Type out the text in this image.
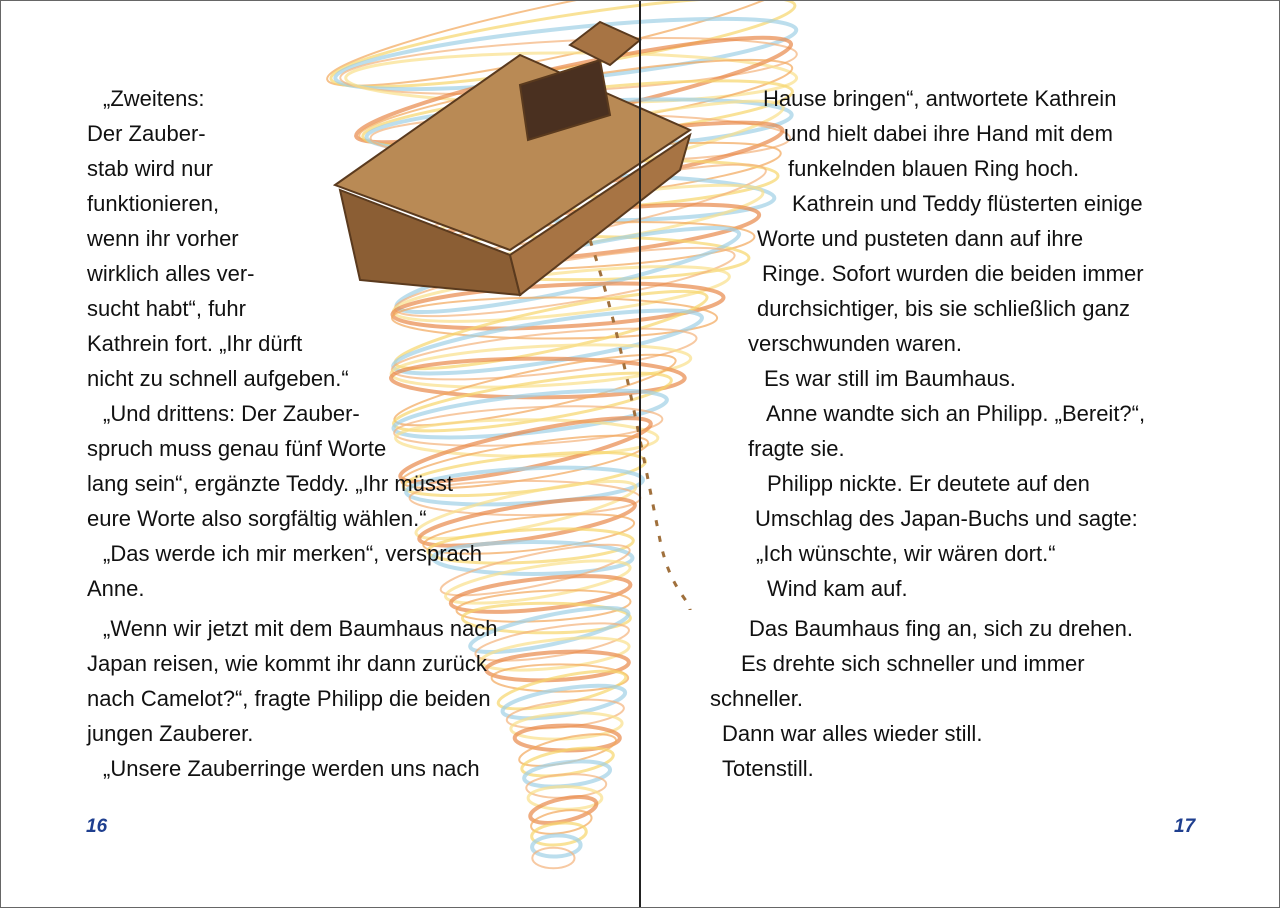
„Zweitens:
Der Zauber-
stab wird nur
funktionieren,
wenn ihr vorher
wirklich alles ver-
sucht habt“, fuhr
Kathrein fort. „Ihr dürft
nicht zu schnell aufgeben.“
„Und drittens: Der Zauber-
spruch muss genau fünf Worte
lang sein“, ergänzte Teddy. „Ihr müsst
eure Worte also sorgfältig wählen.“
„Das werde ich mir merken“, versprach
Anne.
„Wenn wir jetzt mit dem Baumhaus nach
Japan reisen, wie kommt ihr dann zurück
nach Camelot?“, fragte Philipp die beiden
jungen Zauberer.
„Unsere Zauberringe werden uns nach
Hause bringen“, antwortete Kathrein
und hielt dabei ihre Hand mit dem
funkelnden blauen Ring hoch.
Kathrein und Teddy flüsterten einige
Worte und pusteten dann auf ihre
Ringe. Sofort wurden die beiden immer
durchsichtiger, bis sie schließlich ganz
verschwunden waren.
Es war still im Baumhaus.
Anne wandte sich an Philipp. „Bereit?“,
fragte sie.
Philipp nickte. Er deutete auf den
Umschlag des Japan-Buchs und sagte:
„Ich wünschte, wir wären dort.“
Wind kam auf.
Das Baumhaus fing an, sich zu drehen.
Es drehte sich schneller und immer
schneller.
Dann war alles wieder still.
Totenstill.
16	17
